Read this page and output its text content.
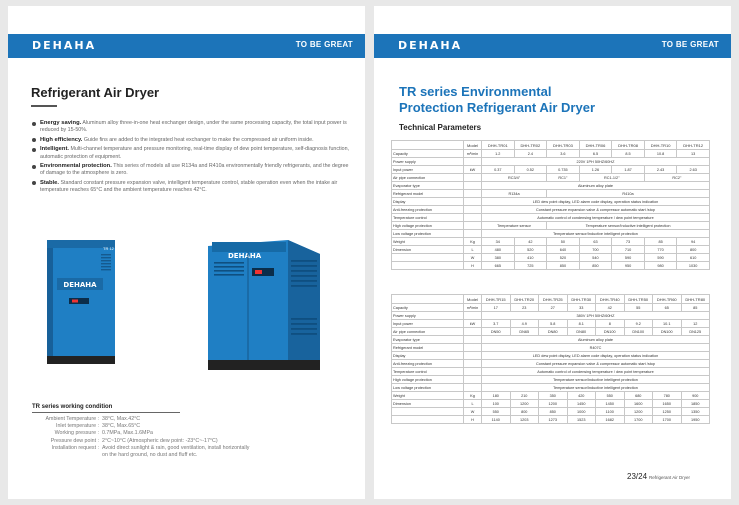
DEHAHA	TO BE GREAT
Refrigerant Air Dryer
Energy saving. Aluminum alloy three-in-one heat exchanger design, under the same processing capacity, the total input power is reduced by 15-50%.
High efficiency. Guide fins are added to the integrated heat exchanger to make the compressed air uniform inside.
Intelligent. Multi-channel temperature and pressure monitoring, real-time display of dew point temperature, self-diagnosis function, automatic protection of equipment.
Environmental protection. This series of models all use R134a and R410a environmentally friendly refrigerants, and the degree of damage to the atmosphere is zero.
Stable. Standard constant pressure expansion valve, intelligent temperature control, stable operation even when the intake air temperature reaches 65°C and the ambient temperature reaches 42°C.
DEHAHA
TR 12
DEHAHA
TR series working condition
Ambient Temperature : 38°C, Max.42°C
Inlet temperature : 38°C, Max.65°C
Working pressure : 0.7MPa, Max.1.6MPa
Pressure dew point : 2°C~10°C (Atmospheric dew point: -23°C~-17°C)
Installation request : Avoid direct sunlight & rain, good ventilation, install horizontally
on the hard ground, no dust and fluff etc.
DEHAHA	TO BE GREAT
TR series Environmental
Protection Refrigerant Air Dryer
Technical Parameters
	Model	DHH-TR01	DHH-TR02	DHH-TR03	DHH-TR06	DHH-TR08	DHH-TR10	DHH-TR12
Capacity	m³/min	1.2	2.4	3.6	6.5	8.5	10.8	13
Power supply		220V 1PH 50HZ/60HZ						
Input power	kW	0.37	0.52	0.735	1.26	1.87	2.43	2.63
Air pipe connection		RC3/4"		RC1"	RC1-1/2"		RC2"	
Evaporator type		Aluminum alloy plate						
Refrigerant model		R134a		R410a				
Display		LED dew point display, LED alarm code display, operation status indication						
Anti-freezing protection		Constant pressure expansion valve & compressor automatic start /stop						
Temperature control		Automatic control of condensing temperature / dew point temperature						
High voltage protection		Temperature sensor		Temperature sensor/Inductive intelligent protection				
Low voltage protection		Temperature sensor/Inductive intelligent protection						
Weight	Kg	34	42	50	63	73	85	94
Dimension	L	480	520	640	700	710	770	800
	W	380	410	520	540	590	590	610
	H	665	725	850	850	950	980	1030
	Model	DHH-TR15	DHH-TR20	DHH-TR25	DHH-TR30	DHH-TR40	DHH-TR50	DHH-TR60	DHH-TR80
Capacity	m³/min	17	23	27	33	42	55	65	85
Power supply		380V 1PH 50HZ/60HZ							
Input power	kW	3.7	4.9	5.8	8.1	8	9.2	10.1	12
Air pipe connection		DN50	DN65	DN80	DN80	DN100	DN100	DN100	DN125
Evaporator type		Aluminum alloy plate							
Refrigerant model		R407C							
Display		LED dew point display, LED alarm code display, operation status indication							
Anti-freezing protection		Constant pressure expansion valve & compressor automatic start /stop							
Temperature control		Automatic control of condensing temperature / dew point temperature							
High voltage protection		Temperature sensor/Inductive intelligent protection							
Low voltage protection		Temperature sensor/Inductive intelligent protection							
Weight	Kg	180	210	350	420	550	680	780	900
Dimension	L	100	1200	1200	1450	1450	1600	1650	1850
	W	550	800	850	1000	1100	1200	1250	1350
	H	1140	1203	1273	1523	1682	1700	1700	1950
23/24 Refrigerant Air Dryer
